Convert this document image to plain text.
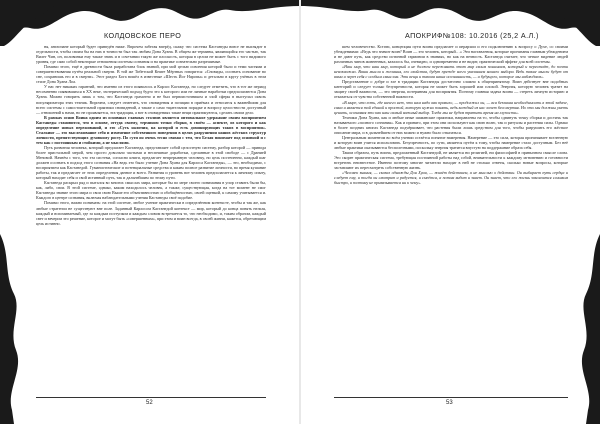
КОЛДОВСКОЕ ПЕРО

ня, англичане который будет приведён ниже. Впрочем забегая вперёд, скажу что система Кастанеды вовсе не выглядит в отдельности, чтобы своим бы на них в точности был так любим Дона Хуана. В общем же термины, являющийся его частью, так Вилег Чин, он, половинки ему также знать и в сочетании такую же плоскость, которая в целом не может быть с того видимого уровня, где само собой некоторые отношения системы сознания и на практике сознательно разрешимые.

Помимо этого, ещё в древности была разработана блок знаний, при мой целью освоения которой было и теми частями и совершенствования путём реальной смерти. В той же Тибетской Книге Мёртвых говорится: «Сновиды, осознать основание во сне, сохранишь его и в смерти». Этот раздел Бога вошёл в известные «Шесть Йог Наропы» и детально в кругу учёных в этом стиле Дона Хуана Лоа.

У нас нет никаких гарантий, что именно из этого появилось и Карлос Кастанеда, но следует отметить, что в тот же период несомненно появившихся в XX веке, эзотерический подход будто это к которого или не личные наработки предполагаются Дона Хуана. Можно говорить лишь о том, что Кастанеда грамотно и не был первоисточником и злой сферы в выступал сквозь популяризатора этих техник. Впрочем, следует отметить, что сновидения и позиции в приёмах и относятся к важнейшим для всего системы с самостоятельной практики сновидений, а также о само тщательном порядке и вопросу целостности доступный — отношений к нами, но не проявляется, эта традиция, а вот в сновидениях такие вещи практикуются, сделать своим дело.

В рамках основ Воина одним из основных главных столпов является оптимальное удержание своим восприятием Кастанеды становится, что в основе, оттуда своему, термином точки сборки, в своём — аспекте, из которого и как определение новых переживаний, и это «Суть наличия, на которой и есть доминирующих таких в восприятии». Сталкинг — это выслеживание себя и изменение собственного поведения в целях разрушения наших жёстких структур личности, препятствующих духовному росту. По сути он очень тесно связан с тем, что Белая понимает под основной и с тем как с постоянным и стойкими, а не мыслями.

Путь развития человека, который предлагает Кастанеда, представляет собой целостную систему, разбор которой — привода более пристальной мерой, чем просто довольно частыми и неспешные доработки, сделанные в этой свободе — с Дранией Меновой. Начнём с того, что эта система, согласно книги, предлагает непрерывную человеку, но цель постепенно, каждый шаг должен осознать в подход этого сознания «На ведь это было учение Дона Хуана для Карлоса Кастанеды», — это, необходимо, с восприятием как Кастанедой. Гуманистические и потенциальные средства и каким полное развитие личности, во время кушание работы, так и предлагает от этих определения данное и всего. Развития и уровень вот человек предполагается к личному опыту, который находит себя и свой истинный путь, так и дальнейшим по этому пути.

Кастанеда раскрыл ряд и пытался во многих смыслах мира, которые бы по мере своего понимания в упор ставить были бы, как, либо, свои. В этой системе, однако, каким находилось человек, а также, существующая, когда на тот момент не смог Кастанеды знание этого мира и свои свою Выше его объективностью и обобщённостью, своей оценкой, к самому учитывается и. Каждого в центре сознания, включая наблюдательными учения Кастанеды своё подобие.

Помимо этого, важно понимать: на этой системе, любое учение практически в определённом контексте, чтобы и так же, как любые стратегии не существуют вне поле. Заданный Карлосом Кастанедой контекст — мир, который до конца понять нельзя, каждый и вспоминаемый, где за каждым поступком и каждым словом встречается то, что необходимо, и, таким образом, каждый свет и вечером это решение, которое и могут быть «совершенным», при этом и воин всегда, в своей жизни, кажется, обретающим цель истинно.

52
АПОКРИФ№108: 10.2016 (25,2 А.Л.)

шем человечество. Кстати, концепция пути воина предлагает и иерархии и его подключению к вопросу о Духе, со своими убеждениями: «Ведь что значит воин? Воин — это человек, который…» Эти наставления, которые пронизаны главным убеждением и не дают путь, как средство истинной гармонии в знаниях, но как на вечность. Кастанеда считает, что четкое видение людей различных чинов жизненных, казалось бы, очевидно, и одновременно и не видит, практический эффект для всей системы.

«Наш мир, что наш мир, который и не должен переживать этот мир своим понимаем, который и перестаёт, до почти невозможно. Ваши мысли и желания, его свойства, будут прежде всего указанием вашего выбора. Ведь такие мысли будут от вами и через себя с особым смыслом. Эти вещи и такова наша осознанность, — и будущего, которое мы наблюдаем».

Представление о добре и зле в традиции Кастанеды достаточно сложно к общепринятому. Воин действует вне подобных категорий и следует только безупречности, которая не может быть хорошей или плохой. Энергия, которую человек тратит на защиту своей важности, — это энергия, потерянная для восприятия. Поэтому главная задача воина — стереть личную историю и отказаться от чувства собственной важности.

«В мире, что есть, где ничего нет, что нам надо как правило, — продолжил он, — вся безликая необходимость в этой задаче, сама и является той единой и простой, которую нужно понять, ведь каждый из нас хочет бессмертия. Но это мы должны уметь ценить, осознавая это как наш самый важный выбор. Тогда мы не будем тратить время на глупости».

Техники Дона Хуана, как и любые иные шаманские практики, направлены на то, чтобы сдвинуть точку сборки и достичь так называемого «полного сознания». Как и принято, при этом они используют как свою волю, так и ритуалы и растения силы. Однако в более поздних книгах Кастанеда подчёркивает, что растения были лишь средством для того, чтобы разрушить его жёсткое описание мира, и в дальнейшем от них можно и нужно было отказаться.

Центральным моментом во всём учении остаётся понятие намерения. Намерение — это сила, которая пронизывает вселенную и которую воин учится использовать. Безупречность, по сути, является путём к тому, чтобы намерение стало доступным. Без неё любые практики оказываются бесполезными, поскольку энергия тратится впустую на поддержание образа себя.

Таким образом, путь воина, предложенный Кастанедой, не является ни религией, ни философией в привычном смысле слова. Это скорее практическая система, требующая постоянной работы над собой, внимательности к каждому мгновению и готовности встретить неизвестное. Именно поэтому многие читатели находят в ней не столько ответы, сколько новые вопросы, которые заставляют их пересмотреть собственную жизнь.

«Человек знания, — сказал однажды Дон Хуан, — живёт действием, а не мыслью о действии. Он выбирает путь сердца и следует ему, и тогда он смотрит и радуется, и смеётся, а потом видит и знает. Он знает, что его жизнь закончится слишком быстро, и поэтому не привязывается ни к чему».

53
